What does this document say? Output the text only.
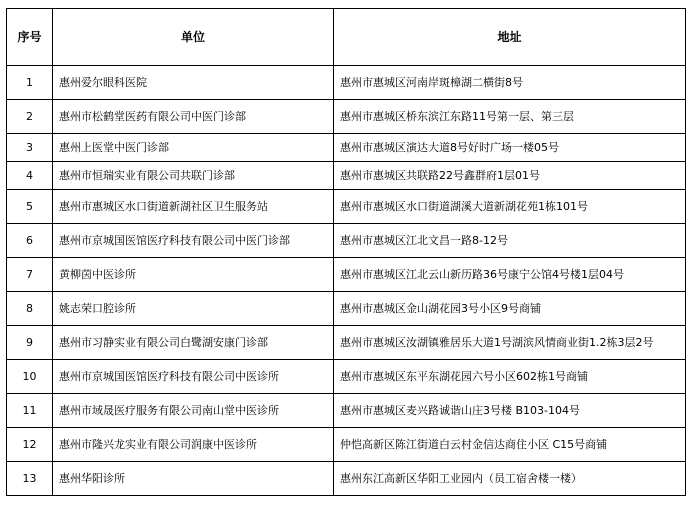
序号	单位	地址
1	惠州爱尔眼科医院	惠州市惠城区河南岸斑樟湖二横街8号
2	惠州市松鹤堂医药有限公司中医门诊部	惠州市惠城区桥东滨江东路11号第一层、第三层
3	惠州上医堂中医门诊部	惠州市惠城区演达大道8号好时广场一楼05号
4	惠州市恒瑞实业有限公司共联门诊部	惠州市惠城区共联路22号鑫群府1层01号
5	惠州市惠城区水口街道新湖社区卫生服务站	惠州市惠城区水口街道湖溪大道新湖花苑1栋101号
6	惠州市京城国医馆医疗科技有限公司中医门诊部	惠州市惠城区江北文昌一路8-12号
7	黄柳茵中医诊所	惠州市惠城区江北云山新历路36号康宁公馆4号楼1层04号
8	姚志荣口腔诊所	惠州市惠城区金山湖花园3号小区9号商铺
9	惠州市习静实业有限公司白鹭湖安康门诊部	惠州市惠城区汝湖镇雅居乐大道1号湖滨风情商业街1.2栋3层2号
10	惠州市京城国医馆医疗科技有限公司中医诊所	惠州市惠城区东平东湖花园六号小区602栋1号商铺
11	惠州市域晟医疗服务有限公司南山堂中医诊所	惠州市惠城区麦兴路诚谐山庄3号楼 B103-104号
12	惠州市隆兴龙实业有限公司润康中医诊所	仲恺高新区陈江街道白云村金信达商住小区 C15号商铺
13	惠州华阳诊所	惠州东江高新区华阳工业园内（员工宿舍楼一楼）
